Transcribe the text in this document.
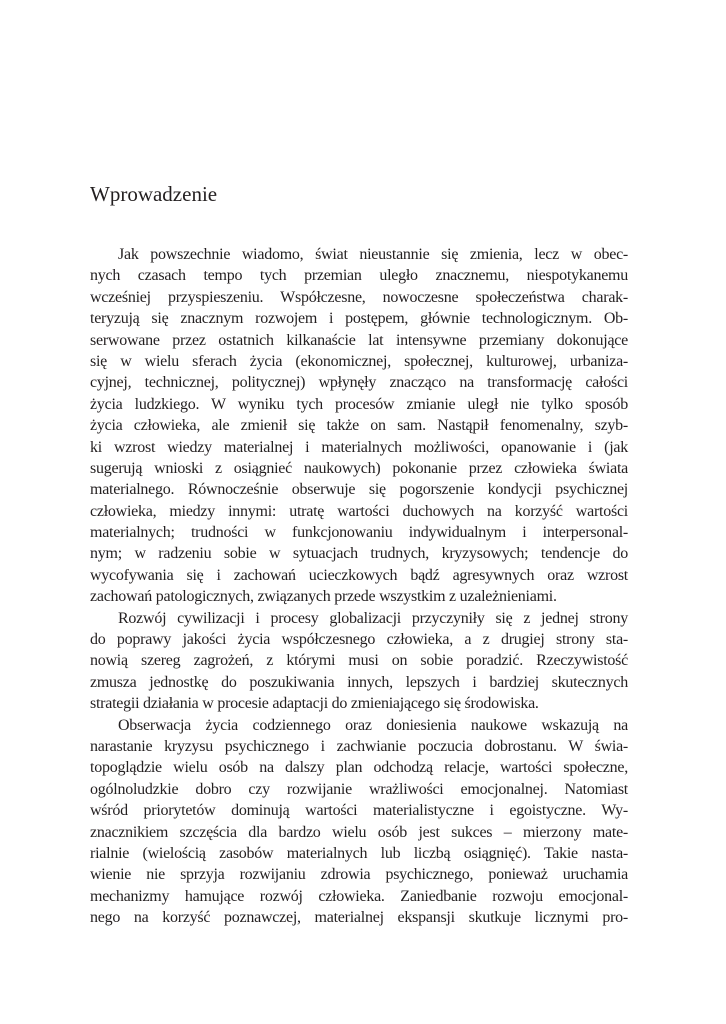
Wprowadzenie
Jak powszechnie wiadomo, świat nieustannie się zmienia, lecz w obec-
nych czasach tempo tych przemian uległo znacznemu, niespotykanemu
wcześniej przyspieszeniu. Współczesne, nowoczesne społeczeństwa charak-
teryzują się znacznym rozwojem i postępem, głównie technologicznym. Ob-
serwowane przez ostatnich kilkanaście lat intensywne przemiany dokonujące
się w wielu sferach życia (ekonomicznej, społecznej, kulturowej, urbaniza-
cyjnej, technicznej, politycznej) wpłynęły znacząco na transformację całości
życia ludzkiego. W wyniku tych procesów zmianie uległ nie tylko sposób
życia człowieka, ale zmienił się także on sam. Nastąpił fenomenalny, szyb-
ki wzrost wiedzy materialnej i materialnych możliwości, opanowanie i (jak
sugerują wnioski z osiągnieć naukowych) pokonanie przez człowieka świata
materialnego. Równocześnie obserwuje się pogorszenie kondycji psychicznej
człowieka, miedzy innymi: utratę wartości duchowych na korzyść wartości
materialnych; trudności w funkcjonowaniu indywidualnym i interpersonal-
nym; w radzeniu sobie w sytuacjach trudnych, kryzysowych; tendencje do
wycofywania się i zachowań ucieczkowych bądź agresywnych oraz wzrost
zachowań patologicznych, związanych przede wszystkim z uzależnieniami.
Rozwój cywilizacji i procesy globalizacji przyczyniły się z jednej strony
do poprawy jakości życia współczesnego człowieka, a z drugiej strony sta-
nowią szereg zagrożeń, z którymi musi on sobie poradzić. Rzeczywistość
zmusza jednostkę do poszukiwania innych, lepszych i bardziej skutecznych
strategii działania w procesie adaptacji do zmieniającego się środowiska.
Obserwacja życia codziennego oraz doniesienia naukowe wskazują na
narastanie kryzysu psychicznego i zachwianie poczucia dobrostanu. W świa-
topoglądzie wielu osób na dalszy plan odchodzą relacje, wartości społeczne,
ogólnoludzkie dobro czy rozwijanie wrażliwości emocjonalnej. Natomiast
wśród priorytetów dominują wartości materialistyczne i egoistyczne. Wy-
znacznikiem szczęścia dla bardzo wielu osób jest sukces – mierzony mate-
rialnie (wielością zasobów materialnych lub liczbą osiągnięć). Takie nasta-
wienie nie sprzyja rozwijaniu zdrowia psychicznego, ponieważ uruchamia
mechanizmy hamujące rozwój człowieka. Zaniedbanie rozwoju emocjonal-
nego na korzyść poznawczej, materialnej ekspansji skutkuje licznymi pro-
